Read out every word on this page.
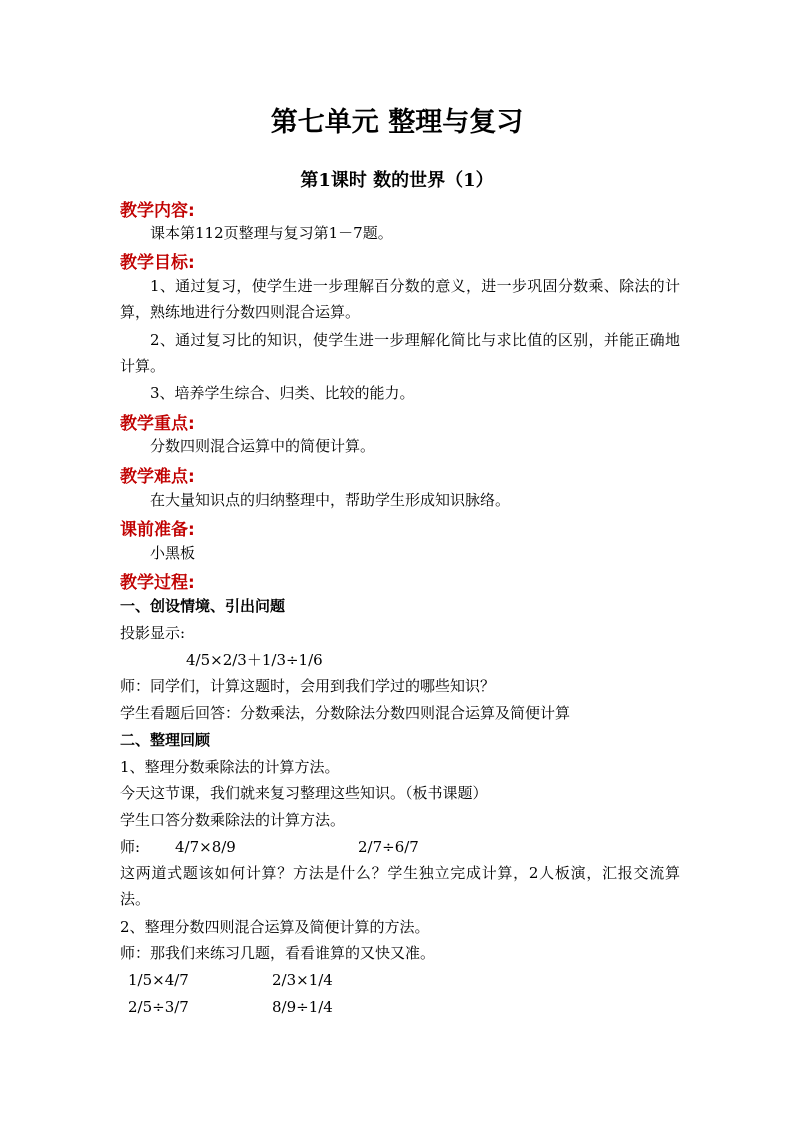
第七单元 整理与复习
第1课时 数的世界（1）
教学内容:
课本第112页整理与复习第1－7题。
教学目标:
1、通过复习，使学生进一步理解百分数的意义，进一步巩固分数乘、除法的计算，熟练地进行分数四则混合运算。
2、通过复习比的知识，使学生进一步理解化简比与求比值的区别，并能正确地计算。
3、培养学生综合、归类、比较的能力。
教学重点:
分数四则混合运算中的简便计算。
教学难点:
在大量知识点的归纳整理中，帮助学生形成知识脉络。
课前准备:
小黑板
教学过程:
一、创设情境、引出问题
投影显示:
4/5×2/3＋1/3÷1/6
师：同学们，计算这题时，会用到我们学过的哪些知识？
学生看题后回答：分数乘法，分数除法分数四则混合运算及简便计算
二、整理回顾
1、整理分数乘除法的计算方法。
今天这节课，我们就来复习整理这些知识。（板书课题）
学生口答分数乘除法的计算方法。
师: 4/7×8/9	2/7÷6/7
这两道式题该如何计算？方法是什么？学生独立完成计算，2人板演，汇报交流算法。
2、整理分数四则混合运算及简便计算的方法。
师：那我们来练习几题，看看谁算的又快又准。
1/5×4/7	2/3×1/4
2/5÷3/7	8/9÷1/4
